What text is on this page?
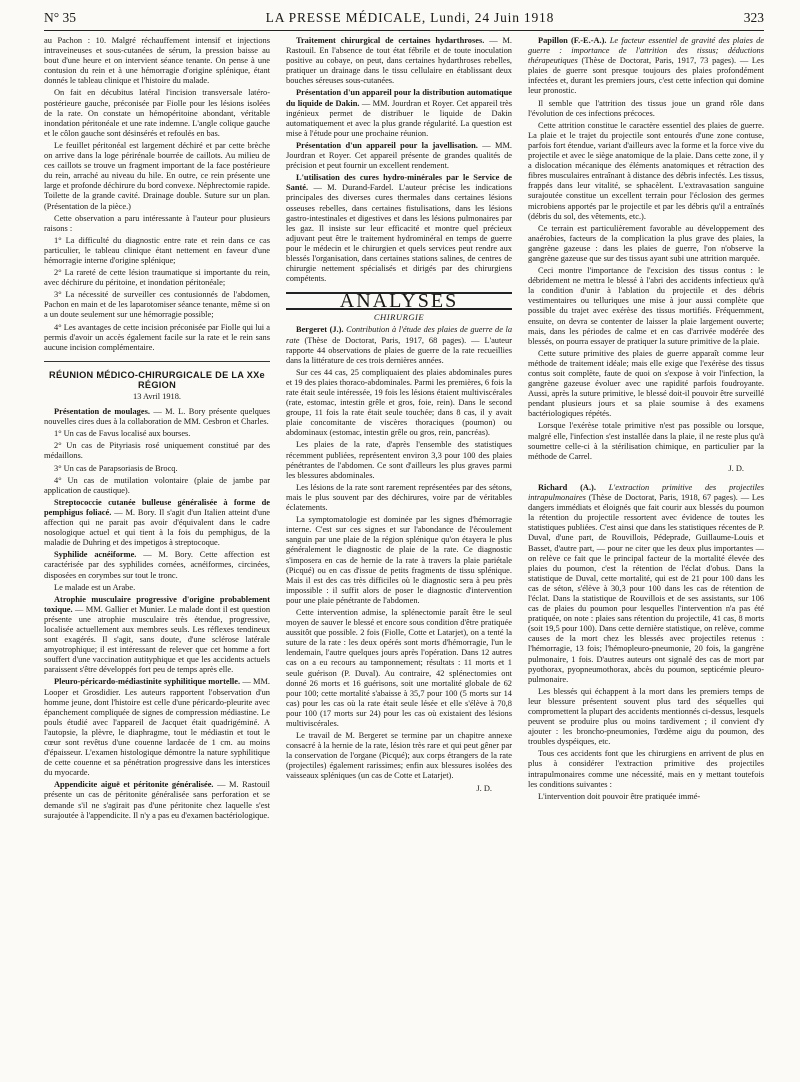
N° 35	LA PRESSE MÉDICALE, Lundi, 24 Juin 1918	323

au Pachon : 10. Malgré réchauffement intensif et injections intraveineuses et sous-cutanées de sérum, la pression baisse au bout d'une heure et on intervient séance tenante. On pense à une contusion du rein et à une hémorragie d'origine splénique, étant donnés le tableau clinique et l'histoire du malade.

On fait en décubitus latéral l'incision transversale latéro-postérieure gauche, préconisée par Fiolle pour les lésions isolées de la rate. On constate un hémopéritoine abondant, véritable inondation péritonéale et une rate indemne. L'angle colique gauche et le côlon gauche sont désinsérés et refoulés en bas.

Le feuillet péritonéal est largement déchiré et par cette brèche on arrive dans la loge périrénale bourrée de caillots. Au milieu de ces caillots se trouve un fragment important de la face postérieure du rein, arraché au niveau du hile. En outre, ce rein présente une large et profonde déchirure du bord convexe. Néphrectomie rapide. Toilette de la grande cavité. Drainage double. Suture sur un plan. (Présentation de la pièce.)

Cette observation a paru intéressante à l'auteur pour plusieurs raisons :

1° La difficulté du diagnostic entre rate et rein dans ce cas particulier, le tableau clinique étant nettement en faveur d'une hémorragie interne d'origine splénique;

2° La rareté de cette lésion traumatique si importante du rein, avec déchirure du péritoine, et inondation péritonéale;

3° La nécessité de surveiller ces contusionnés de l'abdomen, Pachon en main et de les laparotomiser séance tenante, même si on a un doute seulement sur une hémorragie possible;

4° Les avantages de cette incision préconisée par Fiolle qui lui a permis d'avoir un accès également facile sur la rate et le rein sans aucune incision complémentaire.

RÉUNION MÉDICO-CHIRURGICALE DE LA XXe RÉGION
13 Avril 1918.

Présentation de moulages. — M. L. Bory présente quelques nouvelles cires dues à la collaboration de MM. Cesbron et Charles.

1° Un cas de Favus localisé aux bourses.

2° Un cas de Pityriasis rosé uniquement constitué par des médaillons.

3° Un cas de Parapsoriasis de Brocq.

4° Un cas de mutilation volontaire (plaie de jambe par application de caustique).

Streptococcie cutanée bulleuse généralisée à forme de pemphigus foliacé. — M. Bory. Il s'agit d'un Italien atteint d'une affection qui ne parait pas avoir d'équivalent dans le cadre nosologique actuel et qui tient à la fois du pemphigus, de la maladie de Duhring et des impetigos à streptocoque.

Syphilide acnéiforme. — M. Bory. Cette affection est caractérisée par des syphilides cornées, acnéiformes, circinées, disposées en corymbes sur tout le tronc.

Le malade est un Arabe.

Atrophie musculaire progressive d'origine probablement toxique. — MM. Gallier et Munier. Le malade dont il est question présente une atrophie musculaire très étendue, progressive, localisée actuellement aux membres seuls. Les réflexes tendineux sont exagérés. Il s'agit, sans doute, d'une sclérose latérale amyotrophique; il est intéressant de relever que cet homme a fort souffert d'une vaccination autityphique et que les accidents actuels paraissent s'être développés fort peu de temps après elle.

Pleuro-péricardo-médiastinite syphilitique mortelle. — MM. Looper et Grosdidier. Les auteurs rapportent l'observation d'un homme jeune, dont l'histoire est celle d'une péricardo-pleurite avec épanchement compliquée de signes de compression médiastine. Le pouls étudié avec l'appareil de Jacquet était quadrigéminé. A l'autopsie, la plèvre, le diaphragme, tout le médiastin et tout le cœur sont revêtus d'une couenne lardacée de 1 cm. au moins d'épaisseur. L'examen histologique démontre la nature syphilitique de cette couenne et sa pénétration progressive dans les interstices du myocarde.

Appendicite aiguë et péritonite généralisée. — M. Rastouil présente un cas de péritonite généralisée sans perforation et se demande s'il ne s'agirait pas d'une péritonite chez laquelle s'est surajoutée à l'appendicite. Il n'y a pas eu d'examen bactériologique.

Traitement chirurgical de certaines hydarthroses. — M. Rastouil. En l'absence de tout état fébrile et de toute inoculation positive au cobaye, on peut, dans certaines hydarthroses rebelles, pratiquer un drainage dans le tissu cellulaire en établissant deux bouches séreuses sous-cutanées.

Présentation d'un appareil pour la distribution automatique du liquide de Dakin. — MM. Jourdran et Royer. Cet appareil très ingénieux permet de distribuer le liquide de Dakin automatiquement et avec la plus grande régularité. La question est mise à l'étude pour une prochaine réunion.

Présentation d'un appareil pour la javellisation. — MM. Jourdran et Royer. Cet appareil présente de grandes qualités de précision et peut fournir un excellent rendement.

L'utilisation des cures hydro-minérales par le Service de Santé. — M. Durand-Fardel. L'auteur précise les indications principales des diverses cures thermales dans certaines lésions osseuses rebelles, dans certaines fistulisations, dans les lésions gastro-intestinales et digestives et dans les lésions pulmonaires par les gaz. Il insiste sur leur efficacité et montre quel précieux adjuvant peut être le traitement hydrominéral en temps de guerre pour le médecin et le chirurgien et quels services peut rendre aux blessés l'organisation, dans certaines stations salines, de centres de chirurgie nettement spécialisés et dirigés par des chirurgiens compétents.

ANALYSES
CHIRURGIE

Bergeret (J.). Contribution à l'étude des plaies de guerre de la rate (Thèse de Doctorat, Paris, 1917, 68 pages). — L'auteur rapporte 44 observations de plaies de guerre de la rate recueillies dans la littérature de ces trois dernières années.

Sur ces 44 cas, 25 compliquaient des plaies abdominales pures et 19 des plaies thoraco-abdominales. Parmi les premières, 6 fois la rate était seule intéressée, 19 fois les lésions étaient multiviscérales (rate, estomac, intestin grêle et gros, foie, rein). Dans le second groupe, 11 fois la rate était seule touchée; dans 8 cas, il y avait plaie concomitante de viscères thoraciques (poumon) ou abdominaux (estomac, intestin grêle ou gros, rein, pancréas).

Les plaies de la rate, d'après l'ensemble des statistiques récemment publiées, représentent environ 3,3 pour 100 des plaies pénétrantes de l'abdomen. Ce sont d'ailleurs les plus graves parmi les blessures abdominales.

Les lésions de la rate sont rarement représentées par des sétons, mais le plus souvent par des déchirures, voire par de véritables éclatements.

La symptomatologie est dominée par les signes d'hémorragie interne. C'est sur ces signes et sur l'abondance de l'écoulement sanguin par une plaie de la région splénique qu'on étayera le plus généralement le diagnostic de plaie de la rate. Ce diagnostic s'imposera en cas de hernie de la rate à travers la plaie pariétale (Picqué) ou en cas d'issue de petits fragments de tissu splénique. Mais il est des cas très difficiles où le diagnostic sera à peu près impossible : il suffit alors de poser le diagnostic d'intervention pour une plaie pénétrante de l'abdomen.

Cette intervention admise, la splénectomie paraît être le seul moyen de sauver le blessé et encore sous condition d'être pratiquée aussitôt que possible. 2 fois (Fiolle, Cotte et Latarjet), on a tenté la suture de la rate : les deux opérés sont morts d'hémorragie, l'un le lendemain, l'autre quelques jours après l'opération. Dans 12 autres cas on a eu recours au tamponnement; résultats : 11 morts et 1 seule guérison (P. Duval). Au contraire, 42 splénectomies ont donné 26 morts et 16 guérisons, soit une mortalité globale de 62 pour 100; cette mortalité s'abaisse à 35,7 pour 100 (5 morts sur 14 cas) pour les cas où la rate était seule lésée et elle s'élève à 70,8 pour 100 (17 morts sur 24) pour les cas où existaient des lésions multiviscérales.

Le travail de M. Bergeret se termine par un chapitre annexe consacré à la hernie de la rate, lésion très rare et qui peut gêner par la conservation de l'organe (Picqué); aux corps étrangers de la rate (projectiles) également rarissimes; enfin aux blessures isolées des vaisseaux spléniques (un cas de Cotte et Latarjet).

J. D.

Papillon (F.-E.-A.). Le facteur essentiel de gravité des plaies de guerre : importance de l'attrition des tissus; déductions thérapeutiques (Thèse de Doctorat, Paris, 1917, 73 pages). — Les plaies de guerre sont presque toujours des plaies profondément infectées et, durant les premiers jours, c'est cette infection qui domine leur pronostic.

Il semble que l'attrition des tissus joue un grand rôle dans l'évolution de ces infections précoces.

Cette attrition constitue le caractère essentiel des plaies de guerre. La plaie et le trajet du projectile sont entourés d'une zone contuse, parfois fort étendue, variant d'ailleurs avec la forme et la force vive du projectile et avec le siège anatomique de la plaie. Dans cette zone, il y a dislocation mécanique des éléments anatomiques et rétraction des fibres musculaires entraînant à distance des débris infectés. Les tissus, frappés dans leur vitalité, se sphacèlent. L'extravasation sanguine surajoutée constitue un excellent terrain pour l'éclosion des germes microbiens apportés par le projectile et par les débris qu'il a entraînés (débris du sol, des vêtements, etc.).

Ce terrain est particulièrement favorable au développement des anaérobies, facteurs de la complication la plus grave des plaies, la gangrène gazeuse : dans les plaies de guerre, l'on n'observe la gangrène gazeuse que sur des tissus ayant subi une attrition marquée.

Ceci montre l'importance de l'excision des tissus contus : le débridement ne mettra le blessé à l'abri des accidents infectieux qu'à la condition d'unir à l'ablation du projectile et des débris vestimentaires ou telluriques une mise à jour aussi complète que possible du trajet avec exérèse des tissus mortifiés. Fréquemment, ensuite, on devra se contenter de laisser la plaie largement ouverte; mais, dans les périodes de calme et en cas d'arrivée modérée des blessés, on pourra essayer de pratiquer la suture primitive de la plaie.

Cette suture primitive des plaies de guerre apparaît comme leur méthode de traitement idéale; mais elle exige que l'exérèse des tissus contus soit complète, faute de quoi on s'expose à voir l'infection, la gangrène gazeuse évoluer avec une rapidité parfois foudroyante. Aussi, après la suture primitive, le blessé doit-il pouvoir être surveillé pendant plusieurs jours et sa plaie soumise à des examens bactériologiques répétés.

Lorsque l'exérèse totale primitive n'est pas possible ou lorsque, malgré elle, l'infection s'est installée dans la plaie, il ne reste plus qu'à soumettre celle-ci à la stérilisation chimique, en particulier par la méthode de Carrel.

J. D.

Richard (A.). L'extraction primitive des projectiles intrapulmonaires (Thèse de Doctorat, Paris, 1918, 67 pages). — Les dangers immédiats et éloignés que fait courir aux blessés du poumon la rétention du projectile ressortent avec évidence de toutes les statistiques publiées. C'est ainsi que dans les statistiques récentes de P. Duval, d'une part, de Rouvillois, Pédeprade, Guillaume-Louis et Basset, d'autre part, — pour ne citer que les deux plus importantes — on relève ce fait que le principal facteur de la mortalité élevée des plaies du poumon, c'est la rétention de l'éclat d'obus. Dans la statistique de Duval, cette mortalité, qui est de 21 pour 100 dans les cas de séton, s'élève à 30,3 pour 100 dans les cas de rétention de l'éclat. Dans la statistique de Rouvillois et de ses assistants, sur 106 cas de plaies du poumon pour lesquelles l'intervention n'a pas été pratiquée, on note : plaies sans rétention du projectile, 41 cas, 8 morts (soit 19,5 pour 100). Dans cette dernière statistique, on relève, comme causes de la mort chez les blessés avec projectiles retenus : l'hémorragie, 13 fois; l'hémopleuro-pneumonie, 20 fois, la gangrène pulmonaire, 1 fois. D'autres auteurs ont signalé des cas de mort par pyothorax, pyopneumothorax, abcès du poumon, septicémie pleuro-pulmonaire.

Les blessés qui échappent à la mort dans les premiers temps de leur blessure présentent souvent plus tard des séquelles qui compromettent la plupart des accidents mentionnés ci-dessus, lesquels peuvent se produire plus ou moins tardivement ; il convient d'y ajouter : les broncho-pneumonies, l'œdème aigu du poumon, des troubles dyspéiques, etc.

Tous ces accidents font que les chirurgiens en arrivent de plus en plus à considérer l'extraction primitive des projectiles intrapulmonaires comme une nécessité, mais en y mettant toutefois les conditions suivantes :

L'intervention doit pouvoir être pratiquée immé-
